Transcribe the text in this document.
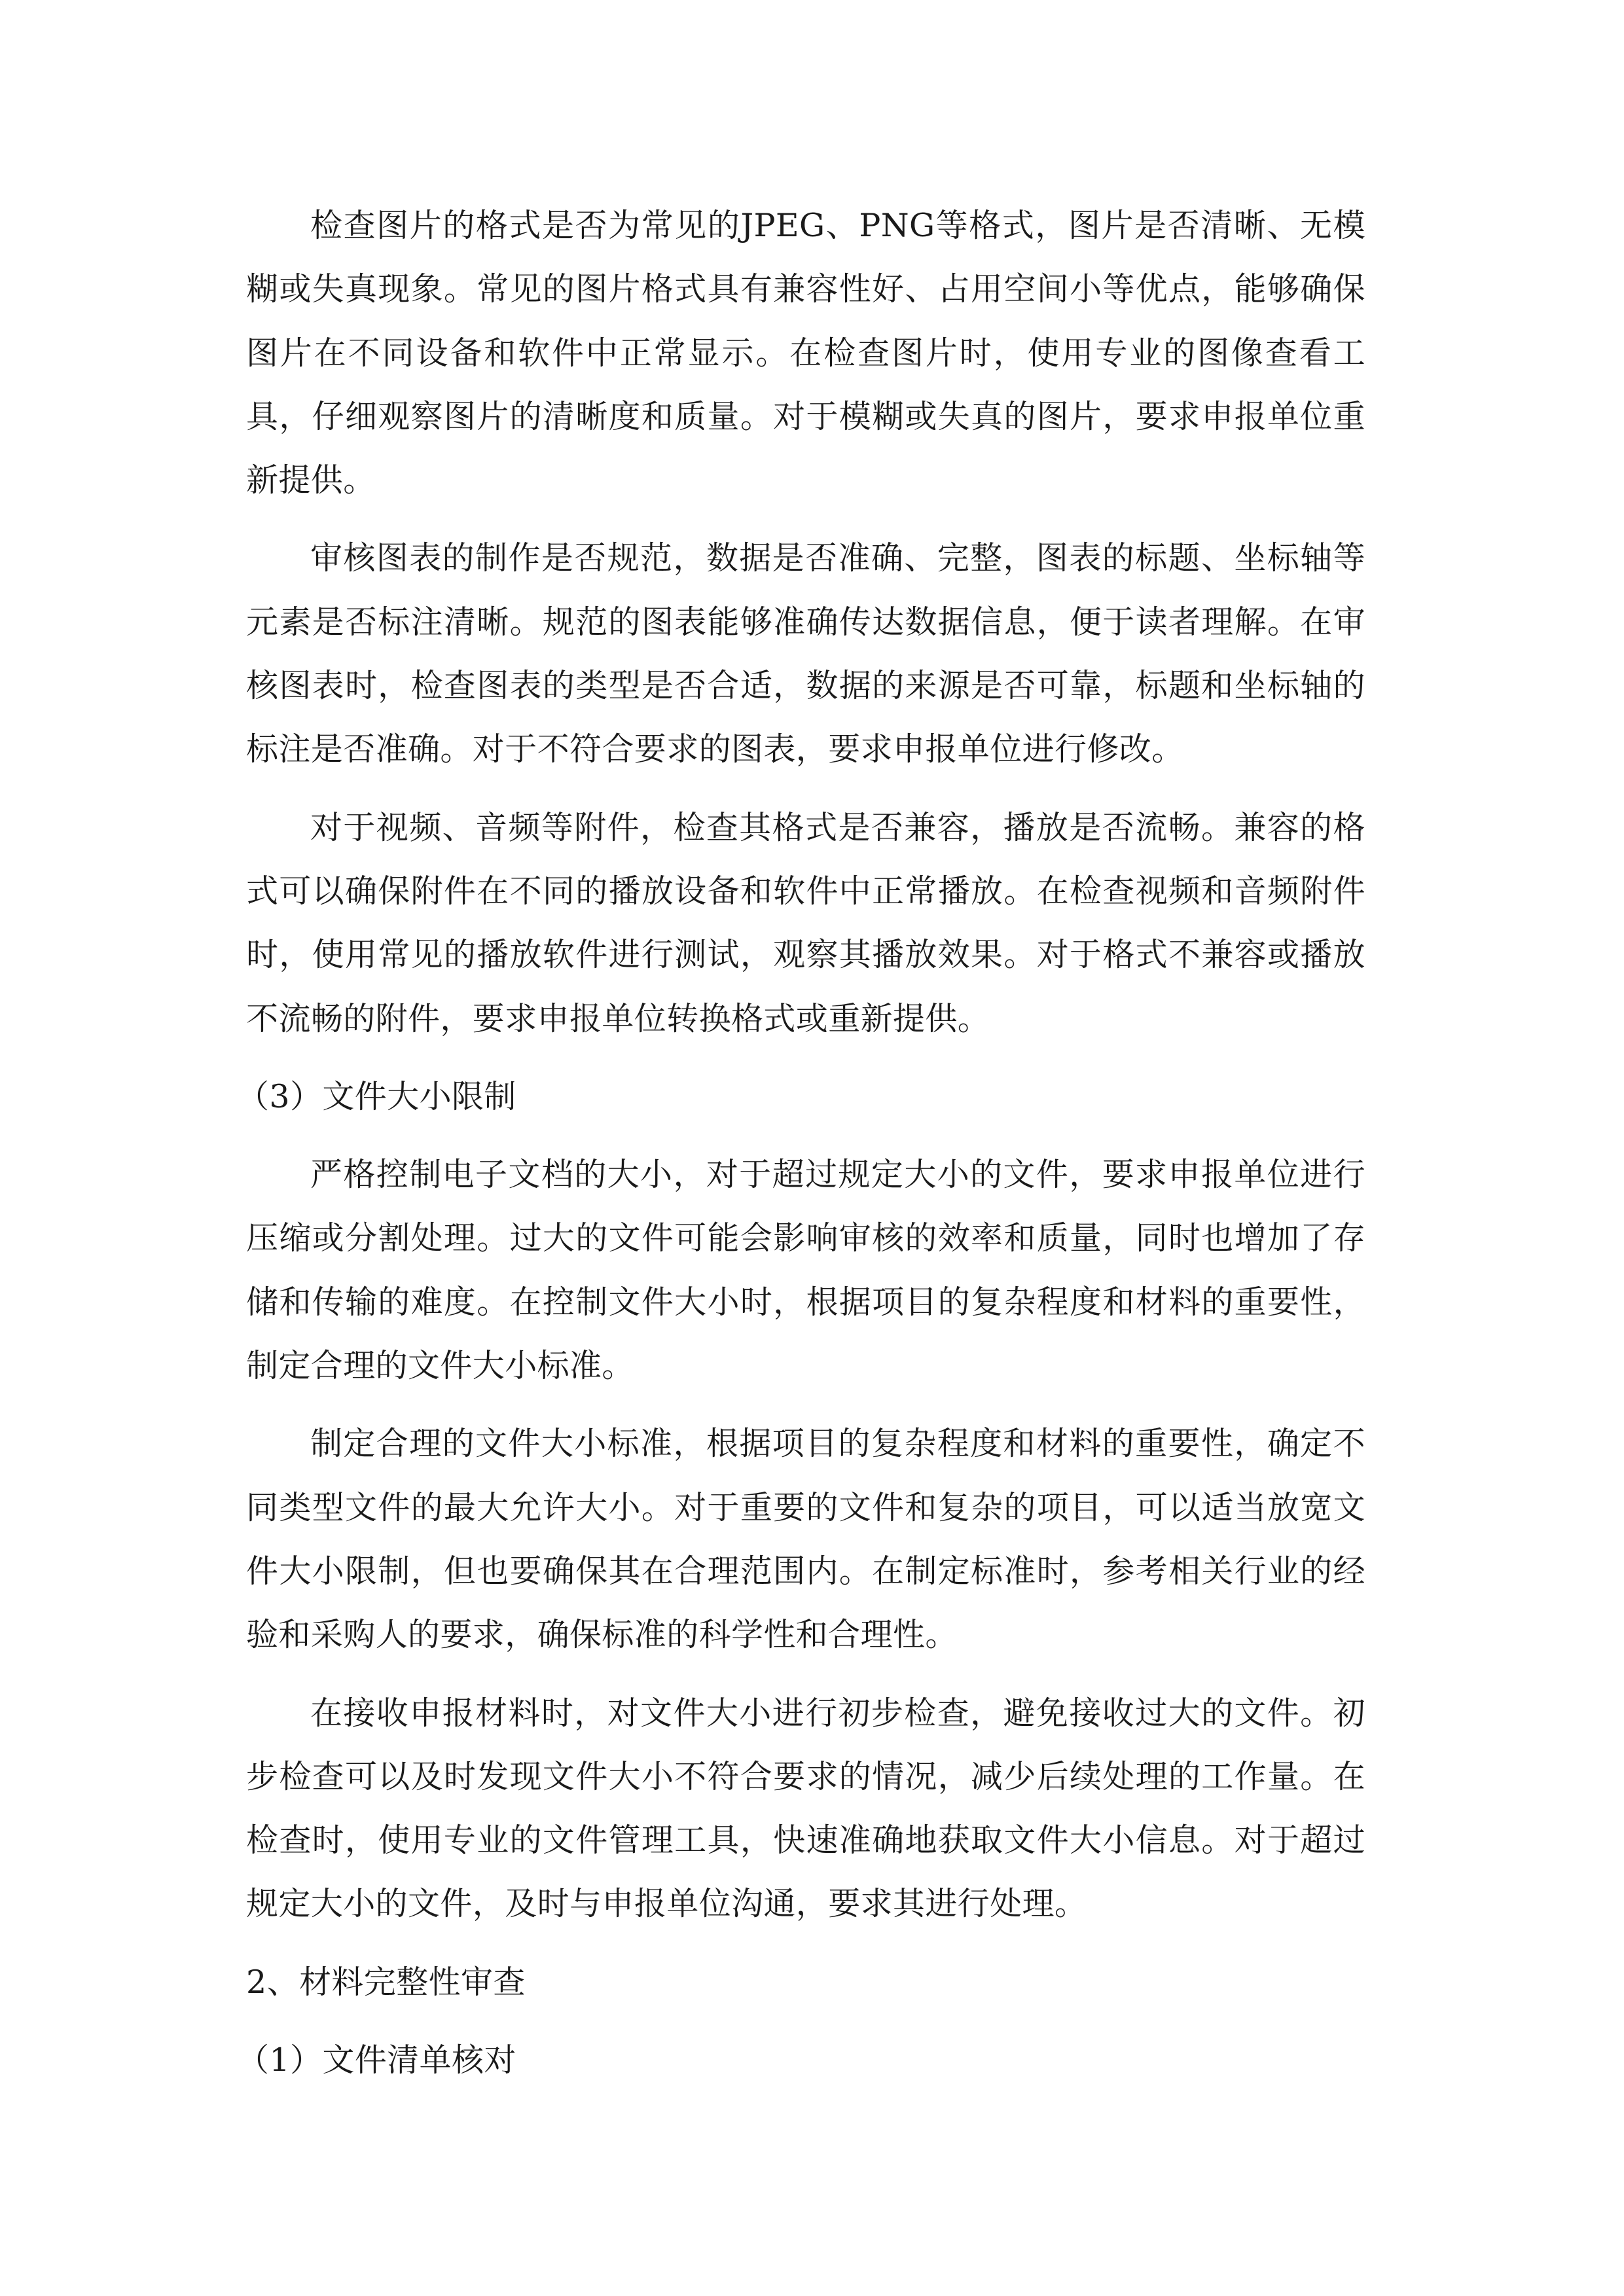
检查图片的格式是否为常见的JPEG、PNG等格式，图片是否清晰、无模糊或失真现象。常见的图片格式具有兼容性好、占用空间小等优点，能够确保图片在不同设备和软件中正常显示。在检查图片时，使用专业的图像查看工具，仔细观察图片的清晰度和质量。对于模糊或失真的图片，要求申报单位重新提供。

审核图表的制作是否规范，数据是否准确、完整，图表的标题、坐标轴等元素是否标注清晰。规范的图表能够准确传达数据信息，便于读者理解。在审核图表时，检查图表的类型是否合适，数据的来源是否可靠，标题和坐标轴的标注是否准确。对于不符合要求的图表，要求申报单位进行修改。

对于视频、音频等附件，检查其格式是否兼容，播放是否流畅。兼容的格式可以确保附件在不同的播放设备和软件中正常播放。在检查视频和音频附件时，使用常见的播放软件进行测试，观察其播放效果。对于格式不兼容或播放不流畅的附件，要求申报单位转换格式或重新提供。

（3）文件大小限制

严格控制电子文档的大小，对于超过规定大小的文件，要求申报单位进行压缩或分割处理。过大的文件可能会影响审核的效率和质量，同时也增加了存储和传输的难度。在控制文件大小时，根据项目的复杂程度和材料的重要性，制定合理的文件大小标准。

制定合理的文件大小标准，根据项目的复杂程度和材料的重要性，确定不同类型文件的最大允许大小。对于重要的文件和复杂的项目，可以适当放宽文件大小限制，但也要确保其在合理范围内。在制定标准时，参考相关行业的经验和采购人的要求，确保标准的科学性和合理性。

在接收申报材料时，对文件大小进行初步检查，避免接收过大的文件。初步检查可以及时发现文件大小不符合要求的情况，减少后续处理的工作量。在检查时，使用专业的文件管理工具，快速准确地获取文件大小信息。对于超过规定大小的文件，及时与申报单位沟通，要求其进行处理。

2、材料完整性审查

（1）文件清单核对
